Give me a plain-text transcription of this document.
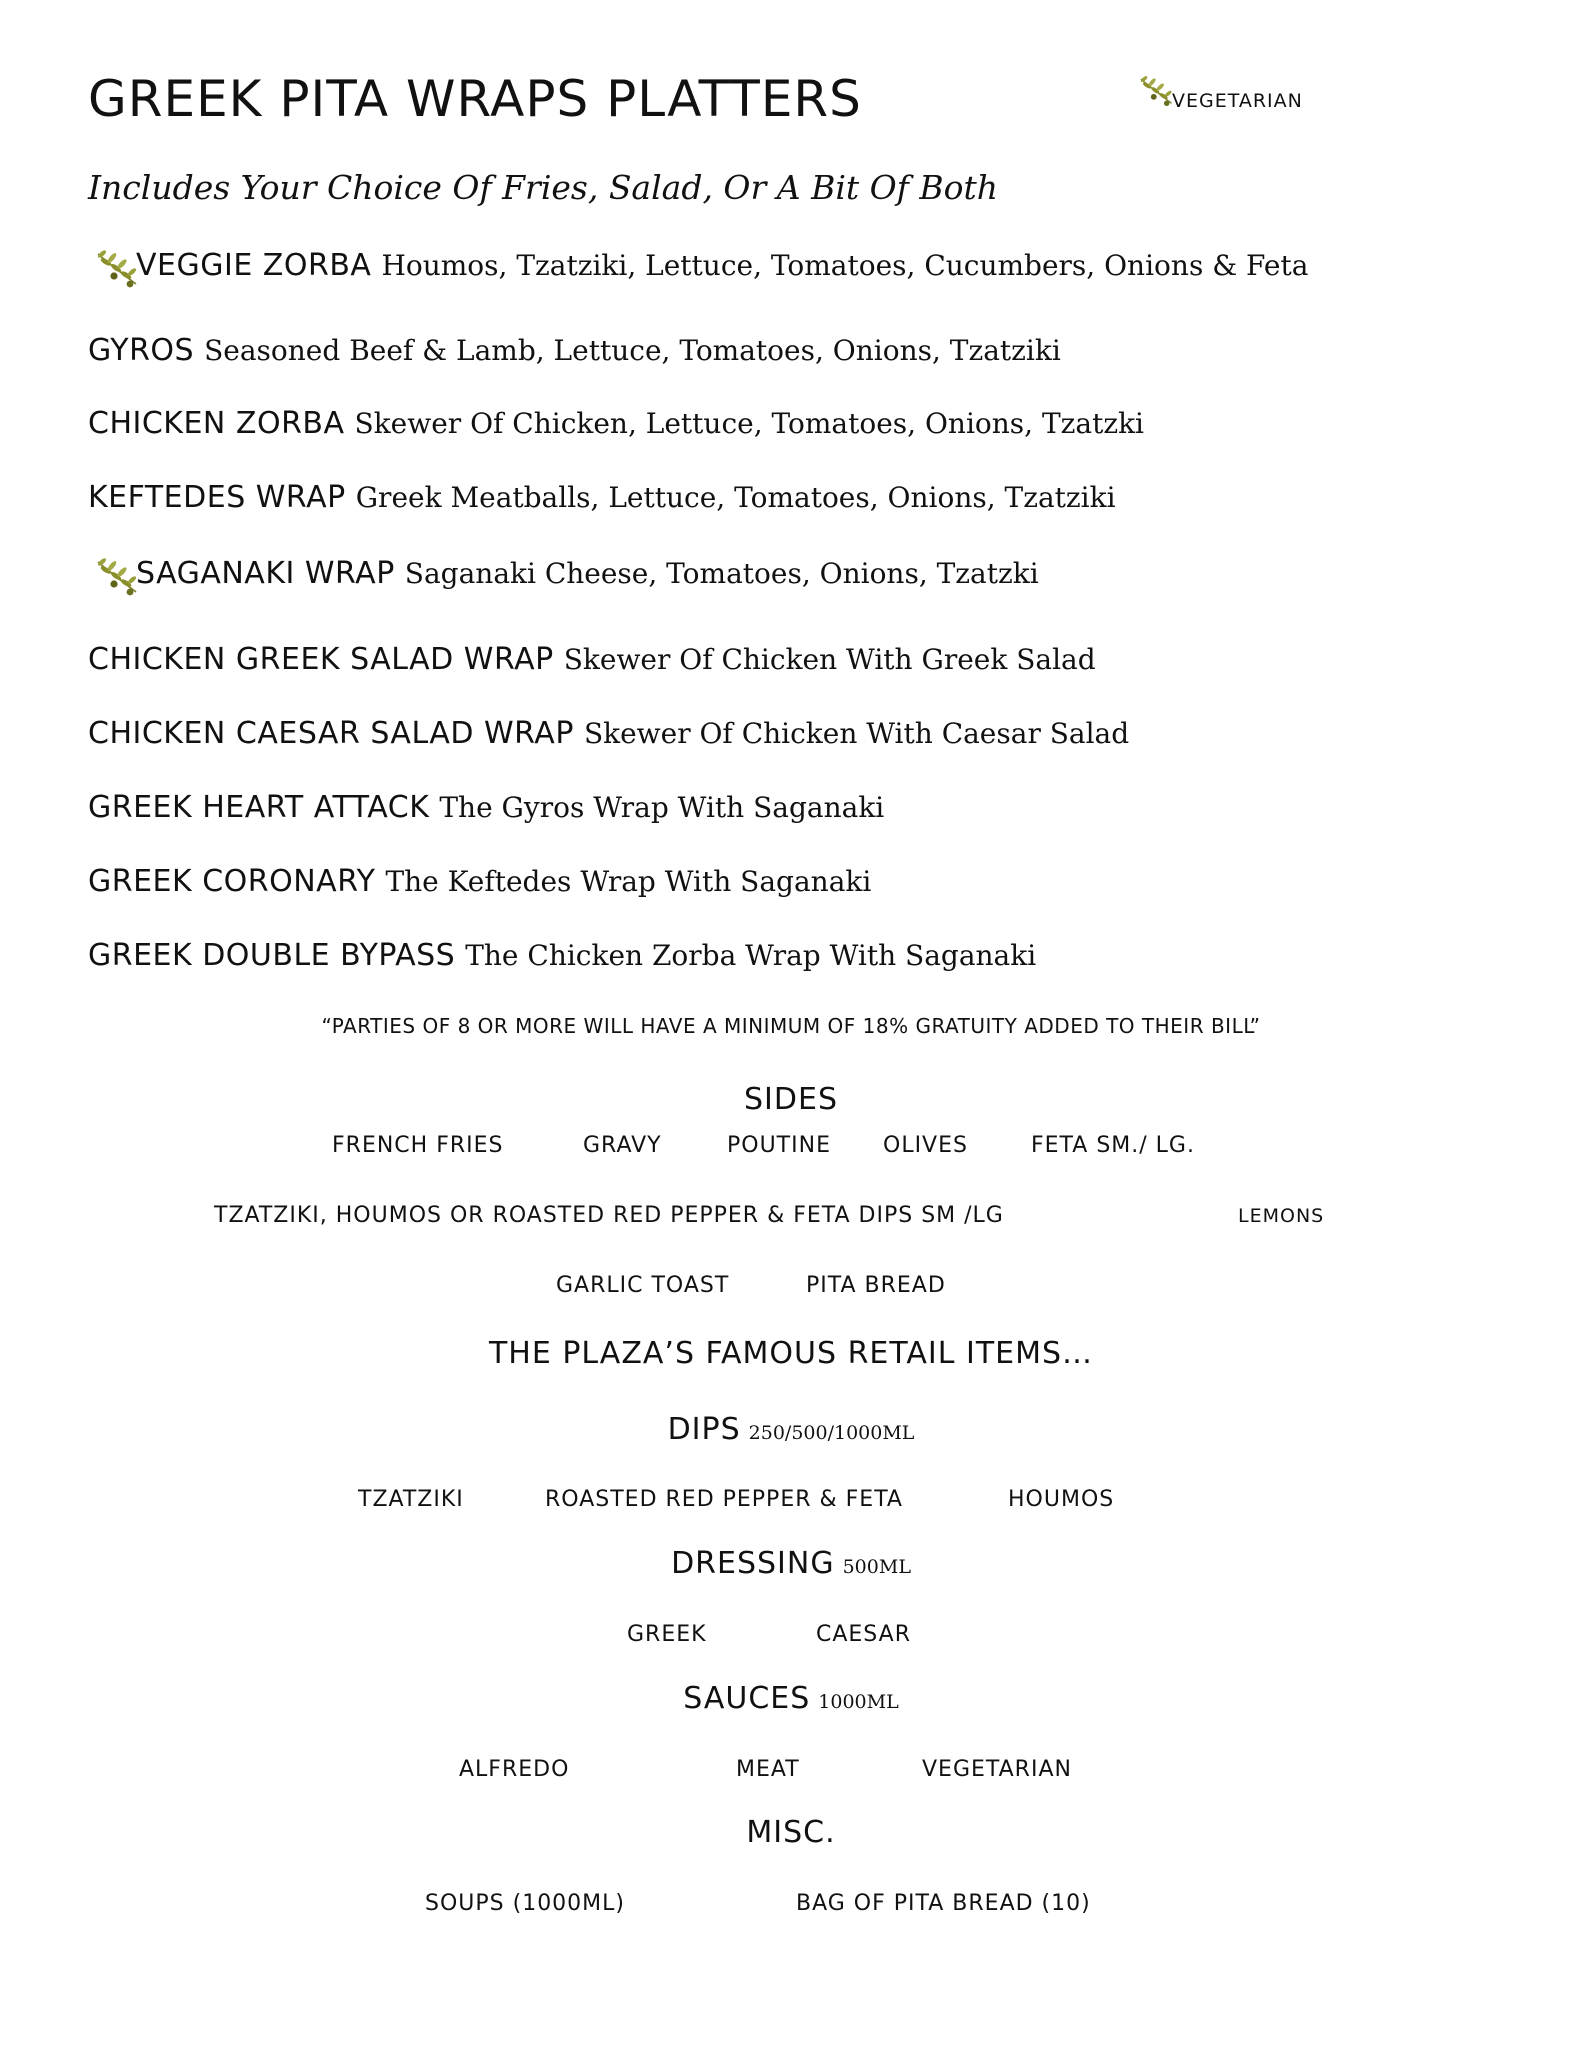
GREEK PITA WRAPS PLATTERS	VEGETARIAN
Includes Your Choice Of Fries, Salad, Or A Bit Of Both
VEGGIE ZORBA Houmos, Tzatziki, Lettuce, Tomatoes, Cucumbers, Onions & Feta
GYROS Seasoned Beef & Lamb, Lettuce, Tomatoes, Onions, Tzatziki
CHICKEN ZORBA Skewer Of Chicken, Lettuce, Tomatoes, Onions, Tzatzki
KEFTEDES WRAP Greek Meatballs, Lettuce, Tomatoes, Onions, Tzatziki
SAGANAKI WRAP Saganaki Cheese, Tomatoes, Onions, Tzatzki
CHICKEN GREEK SALAD WRAP Skewer Of Chicken With Greek Salad
CHICKEN CAESAR SALAD WRAP Skewer Of Chicken With Caesar Salad
GREEK HEART ATTACK The Gyros Wrap With Saganaki
GREEK CORONARY The Keftedes Wrap With Saganaki
GREEK DOUBLE BYPASS The Chicken Zorba Wrap With Saganaki
“PARTIES OF 8 OR MORE WILL HAVE A MINIMUM OF 18% GRATUITY ADDED TO THEIR BILL”
SIDES
FRENCH FRIES	GRAVY	POUTINE OLIVES	FETA SM./ LG.
TZATZIKI, HOUMOS OR ROASTED RED PEPPER & FETA DIPS SM /LG	LEMONS
GARLIC TOAST	PITA BREAD
THE PLAZA’S FAMOUS RETAIL ITEMS…
DIPS 250/500/1000ML
TZATZIKI	ROASTED RED PEPPER & FETA	HOUMOS
DRESSING 500ML
GREEK	CAESAR
SAUCES 1000ML
ALFREDO	MEAT	VEGETARIAN
MISC.
SOUPS (1000ML)	BAG OF PITA BREAD (10)
